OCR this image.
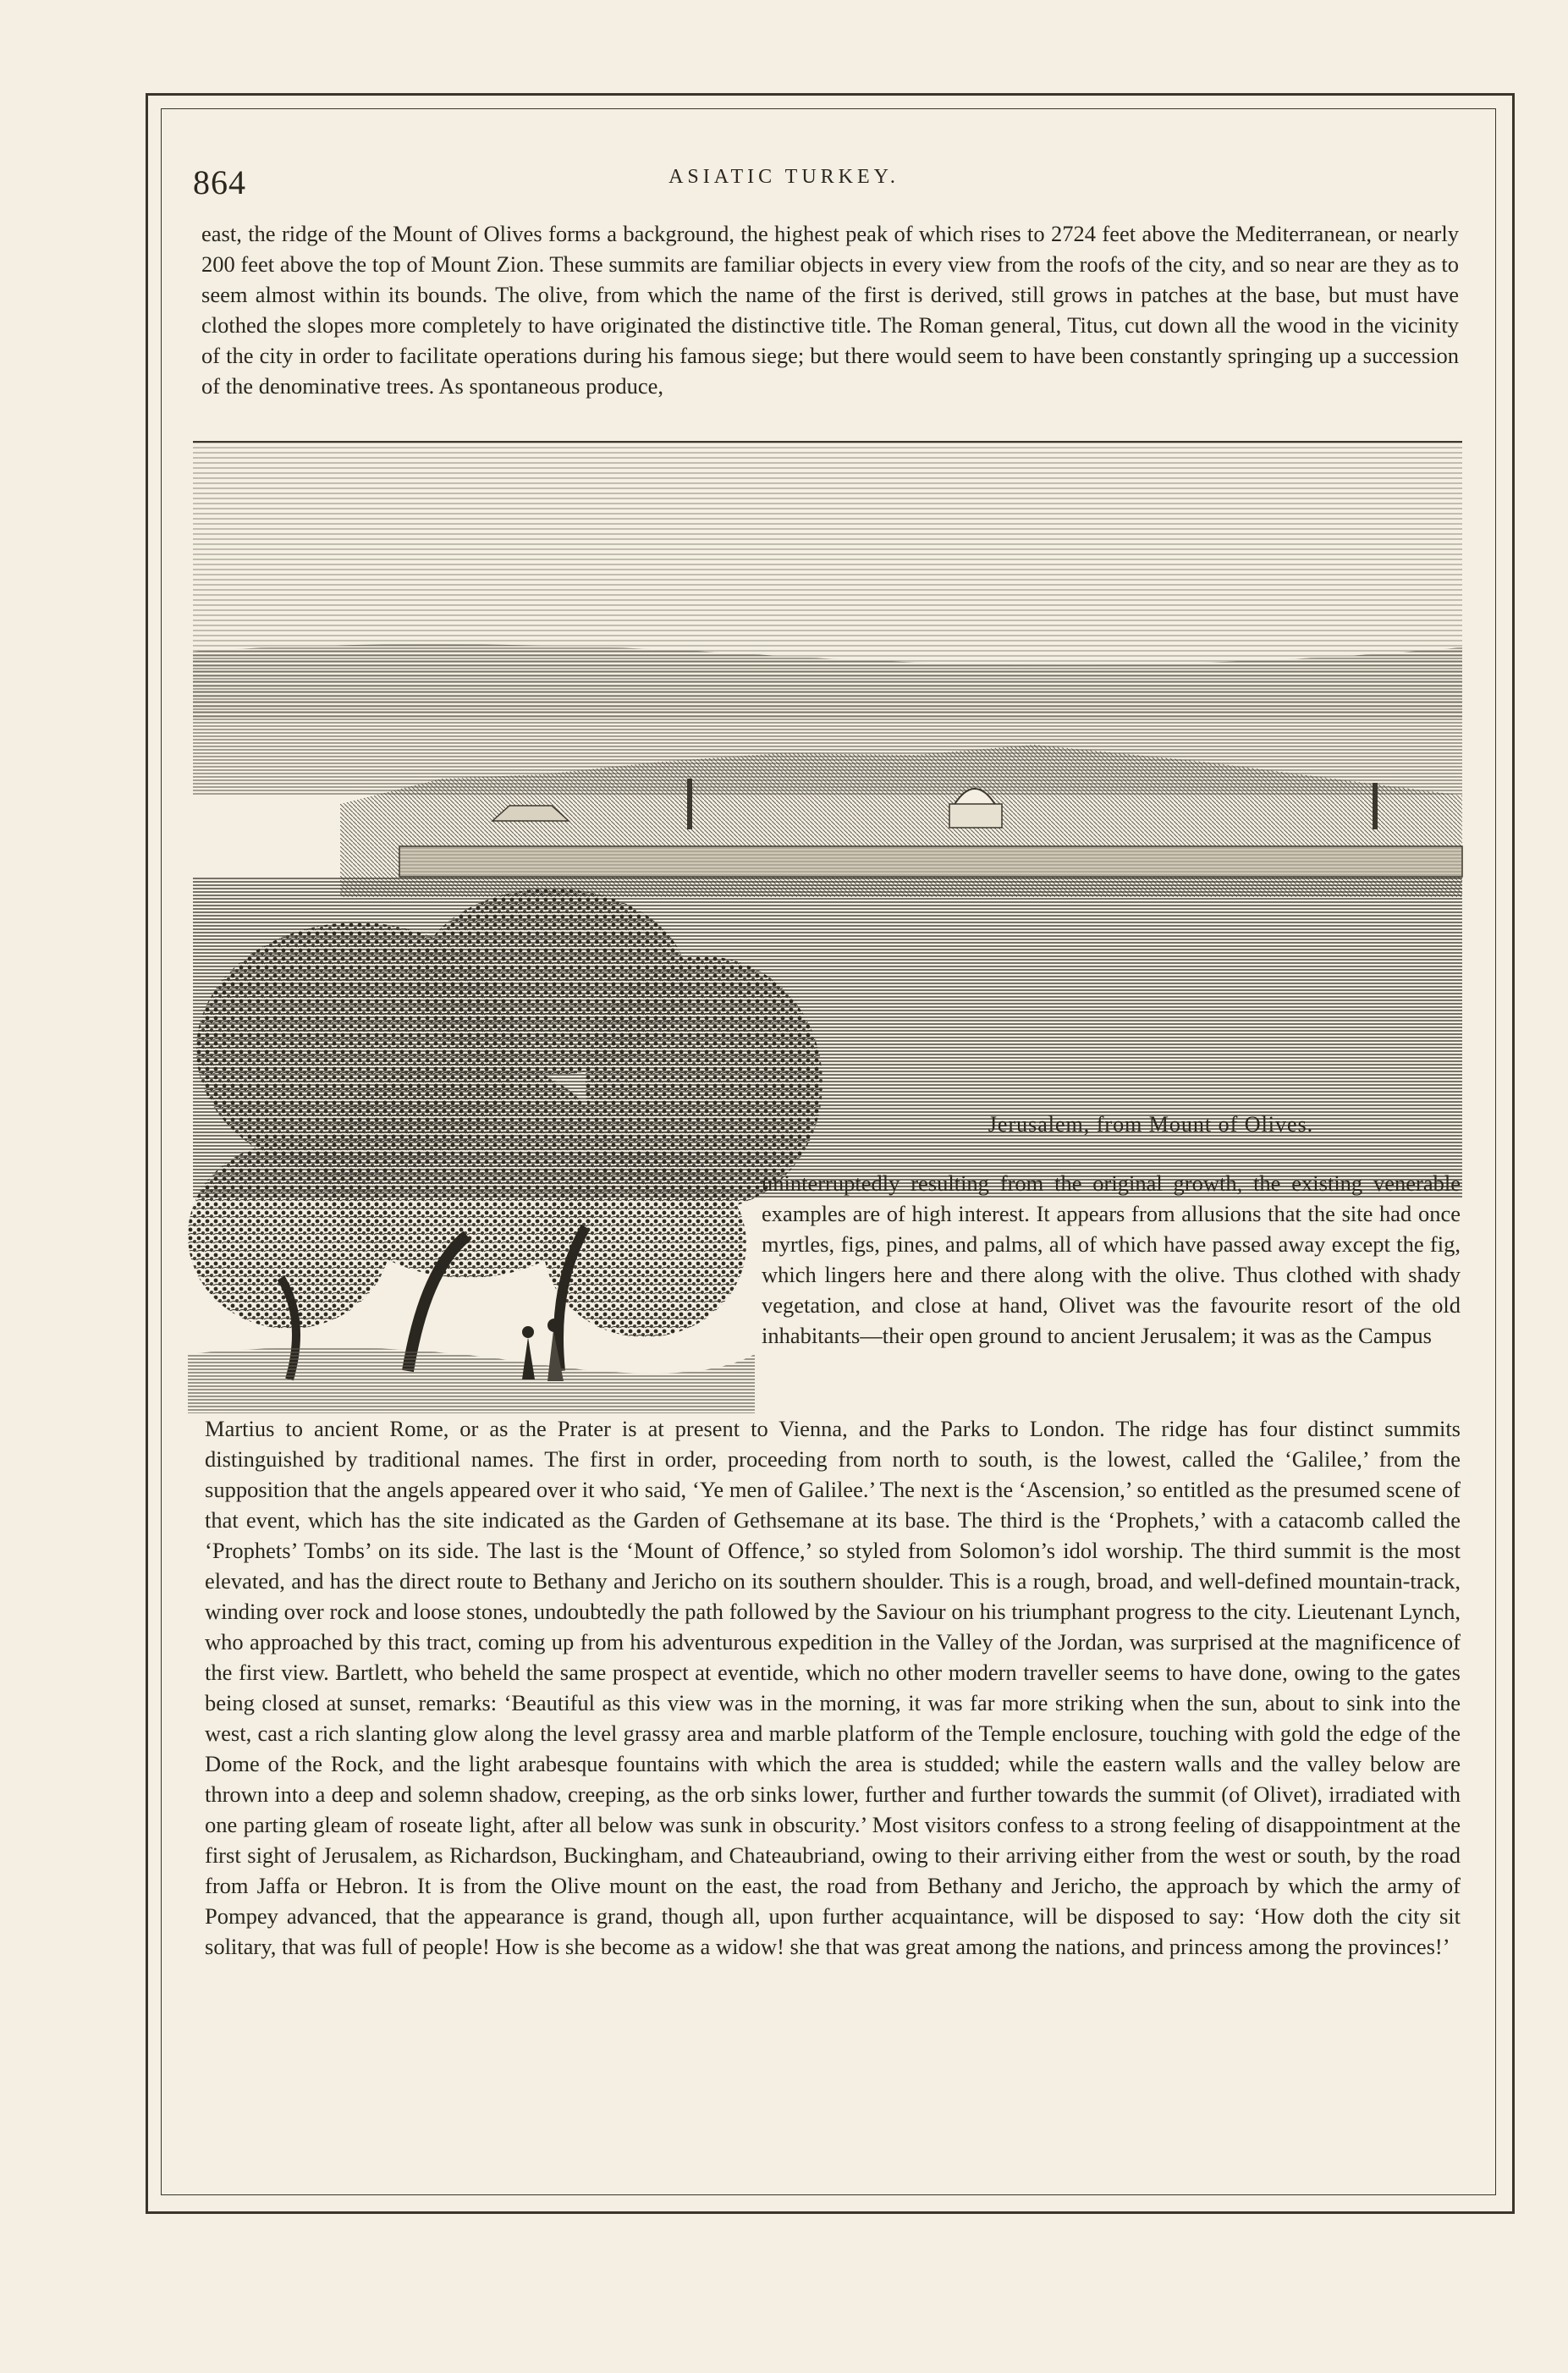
864	ASIATIC TURKEY.

east, the ridge of the Mount of Olives forms a background, the highest peak of which rises to 2724 feet above the Mediterranean, or nearly 200 feet above the top of Mount Zion. These summits are familiar objects in every view from the roofs of the city, and so near are they as to seem almost within its bounds. The olive, from which the name of the first is derived, still grows in patches at the base, but must have clothed the slopes more completely to have originated the distinctive title. The Roman general, Titus, cut down all the wood in the vicinity of the city in order to facilitate operations during his famous siege; but there would seem to have been constantly springing up a succession of the denominative trees. As spontaneous produce,

Jerusalem, from Mount of Olives.

uninterruptedly resulting from the original growth, the existing venerable examples are of high interest. It appears from allusions that the site had once myrtles, figs, pines, and palms, all of which have passed away except the fig, which lingers here and there along with the olive. Thus clothed with shady vegetation, and close at hand, Olivet was the favourite resort of the old inhabitants—their open ground to ancient Jerusalem; it was as the Campus

Martius to ancient Rome, or as the Prater is at present to Vienna, and the Parks to London. The ridge has four distinct summits distinguished by traditional names. The first in order, proceeding from north to south, is the lowest, called the ‘Galilee,’ from the supposition that the angels appeared over it who said, ‘Ye men of Galilee.’ The next is the ‘Ascension,’ so entitled as the presumed scene of that event, which has the site indicated as the Garden of Gethsemane at its base. The third is the ‘Prophets,’ with a catacomb called the ‘Prophets’ Tombs’ on its side. The last is the ‘Mount of Offence,’ so styled from Solomon’s idol worship. The third summit is the most elevated, and has the direct route to Bethany and Jericho on its southern shoulder. This is a rough, broad, and well-defined mountain-track, winding over rock and loose stones, undoubtedly the path followed by the Saviour on his triumphant progress to the city. Lieutenant Lynch, who approached by this tract, coming up from his adventurous expedition in the Valley of the Jordan, was surprised at the magnificence of the first view. Bartlett, who beheld the same prospect at eventide, which no other modern traveller seems to have done, owing to the gates being closed at sunset, remarks: ‘Beautiful as this view was in the morning, it was far more striking when the sun, about to sink into the west, cast a rich slanting glow along the level grassy area and marble platform of the Temple enclosure, touching with gold the edge of the Dome of the Rock, and the light arabesque fountains with which the area is studded; while the eastern walls and the valley below are thrown into a deep and solemn shadow, creeping, as the orb sinks lower, further and further towards the summit (of Olivet), irradiated with one parting gleam of roseate light, after all below was sunk in obscurity.’ Most visitors confess to a strong feeling of disappointment at the first sight of Jerusalem, as Richardson, Buckingham, and Chateaubriand, owing to their arriving either from the west or south, by the road from Jaffa or Hebron. It is from the Olive mount on the east, the road from Bethany and Jericho, the approach by which the army of Pompey advanced, that the appearance is grand, though all, upon further acquaintance, will be disposed to say: ‘How doth the city sit solitary, that was full of people! How is she become as a widow! she that was great among the nations, and princess among the provinces!’
